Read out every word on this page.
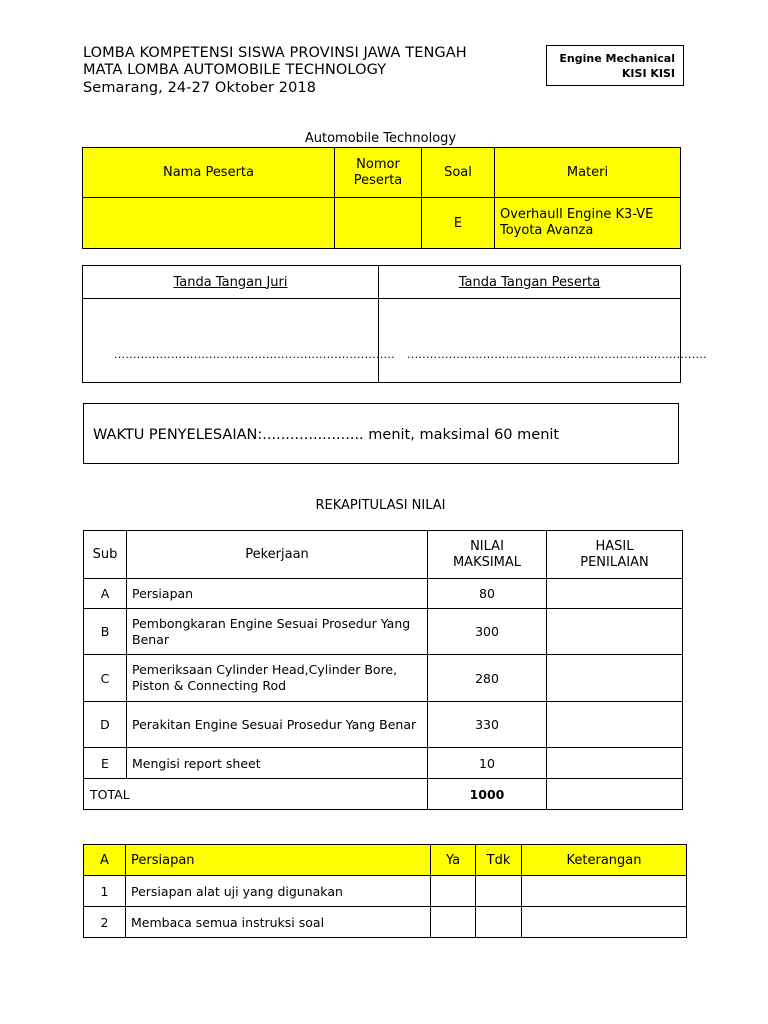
LOMBA KOMPETENSI SISWA PROVINSI JAWA TENGAH
MATA LOMBA AUTOMOBILE TECHNOLOGY
Semarang, 24-27 Oktober 2018
Engine Mechanical
KISI KISI
Automobile Technology
Nama Peserta	Nomor Peserta	Soal	Materi
		E	Overhaull Engine K3-VE Toyota Avanza
Tanda Tangan Juri	Tanda Tangan Peserta
..........................................................................	...............................................................................
WAKTU PENYELESAIAN:...................... menit, maksimal 60 menit
REKAPITULASI NILAI
Sub	Pekerjaan	NILAI MAKSIMAL	HASIL PENILAIAN
A	Persiapan	80	
B	Pembongkaran Engine Sesuai Prosedur Yang Benar	300	
C	Pemeriksaan Cylinder Head,Cylinder Bore, Piston & Connecting Rod	280	
D	Perakitan Engine Sesuai Prosedur Yang Benar	330	
E	Mengisi report sheet	10	
TOTAL		1000	
A	Persiapan	Ya	Tdk	Keterangan
1	Persiapan alat uji yang digunakan			
2	Membaca semua instruksi soal			
